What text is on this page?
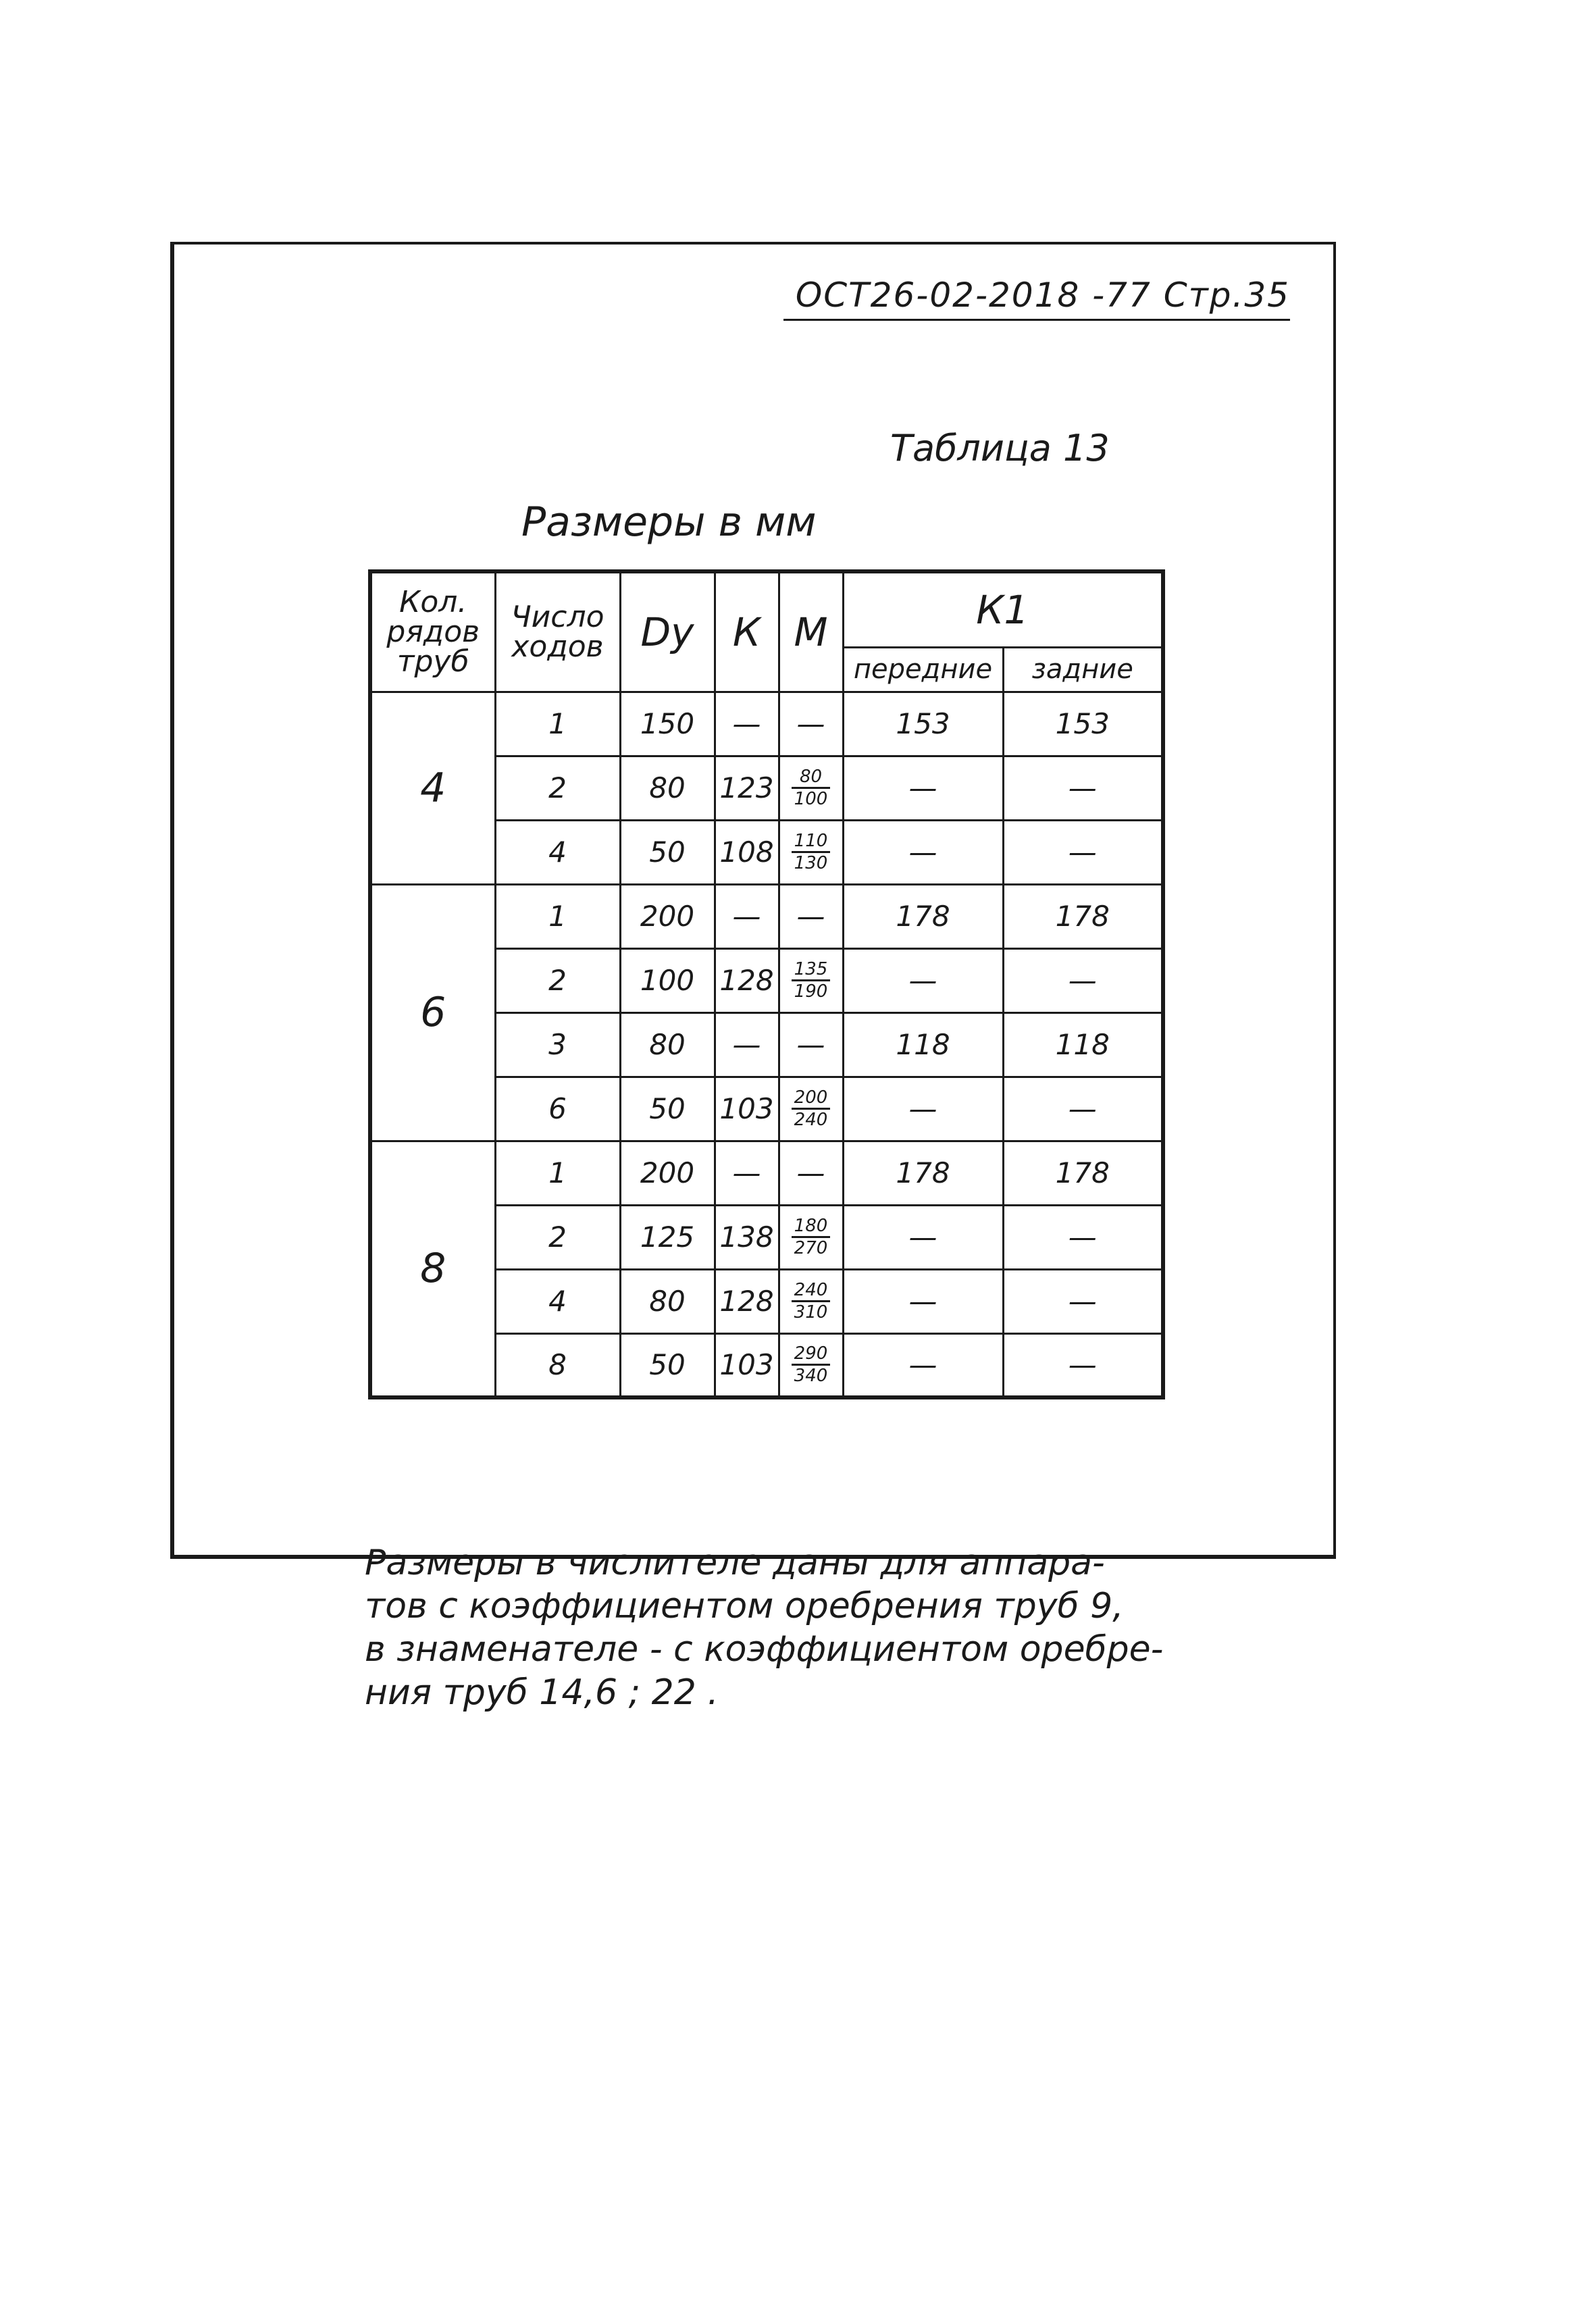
ОСТ26-02-2018 -77 Стр.35
Таблица 13
Размеры в мм
Кол. рядов труб	Число ходов	Dу	К	М	К1	
					передние	задние
4	1	150	—	—	153	153
	2	80	123	$\frac{80}{100}$	—	—
	4	50	108	$\frac{110}{130}$	—	—
6	1	200	—	—	178	178
	2	100	128	$\frac{135}{190}$	—	—
	3	80	—	—	118	118
	6	50	103	$\frac{200}{240}$	—	—
8	1	200	—	—	178	178
	2	125	138	$\frac{180}{270}$	—	—
	4	80	128	$\frac{240}{310}$	—	—
	8	50	103	$\frac{290}{340}$	—	—
Размеры в числителе даны для аппара-
тов с коэффициентом оребрения труб 9,
в знаменателе - с коэффициентом оребре-
ния труб 14,6 ; 22 .
